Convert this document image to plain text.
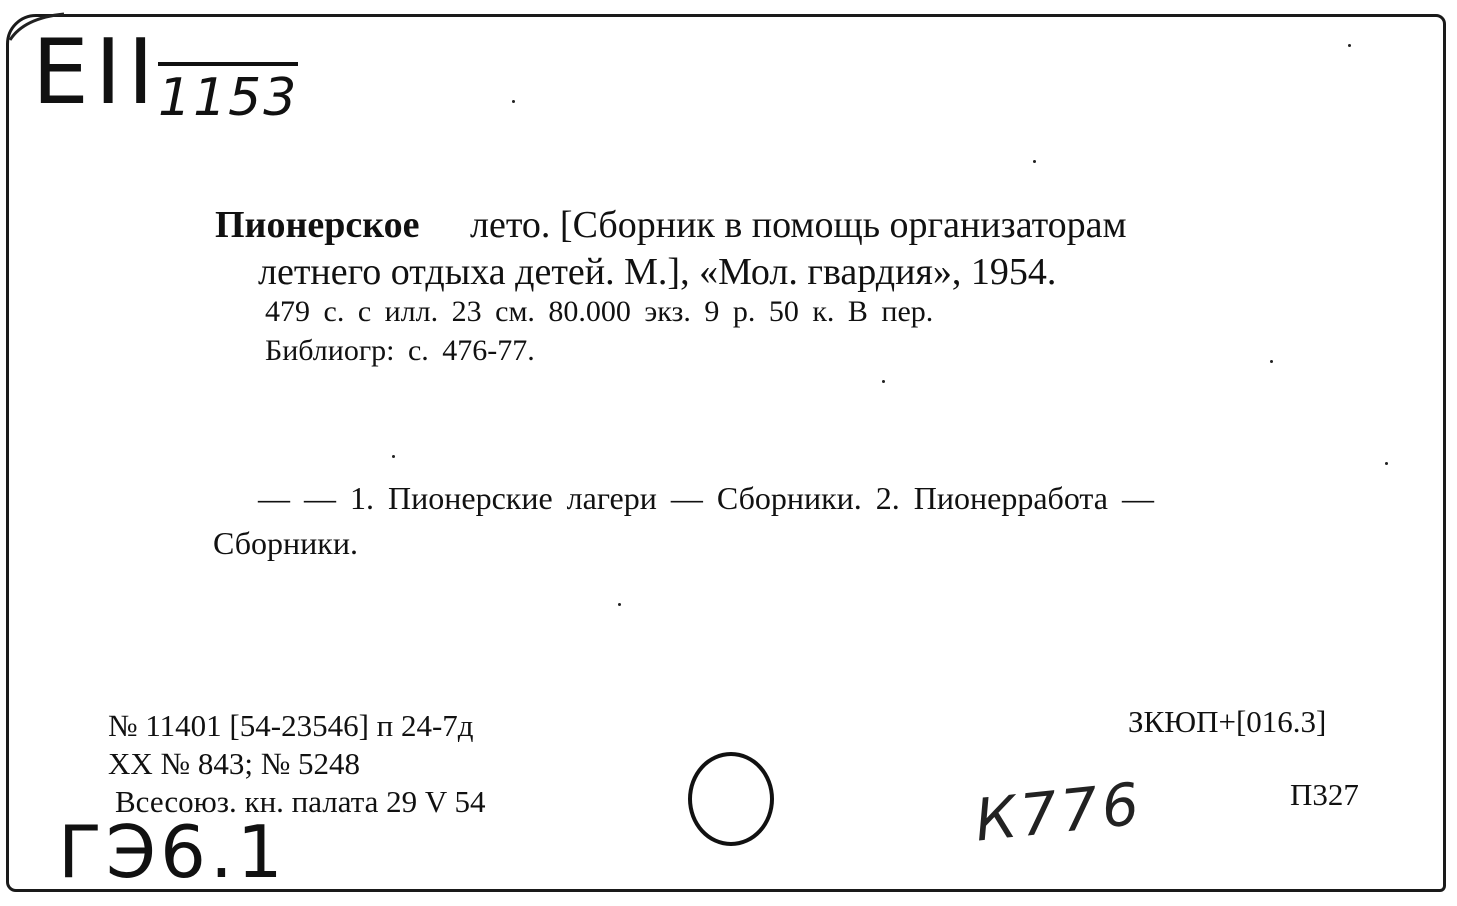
ЕII
1153
Пионерское лето. [Сборник в помощь организаторам
летнего отдыха детей. М.], «Мол. гвардия», 1954.
479 с. с илл. 23 см. 80.000 экз. 9 р. 50 к. В пер.
Библиогр: с. 476-77.
— — 1. Пионерские лагери — Сборники. 2. Пионерработа —
Сборники.
№ 11401 [54-23546] п 24-7д
XX № 843; № 5248
Всесоюз. кн. палата 29 V 54
ЗКЮП+[016.3]
П327
ГЭ6.1	К776
